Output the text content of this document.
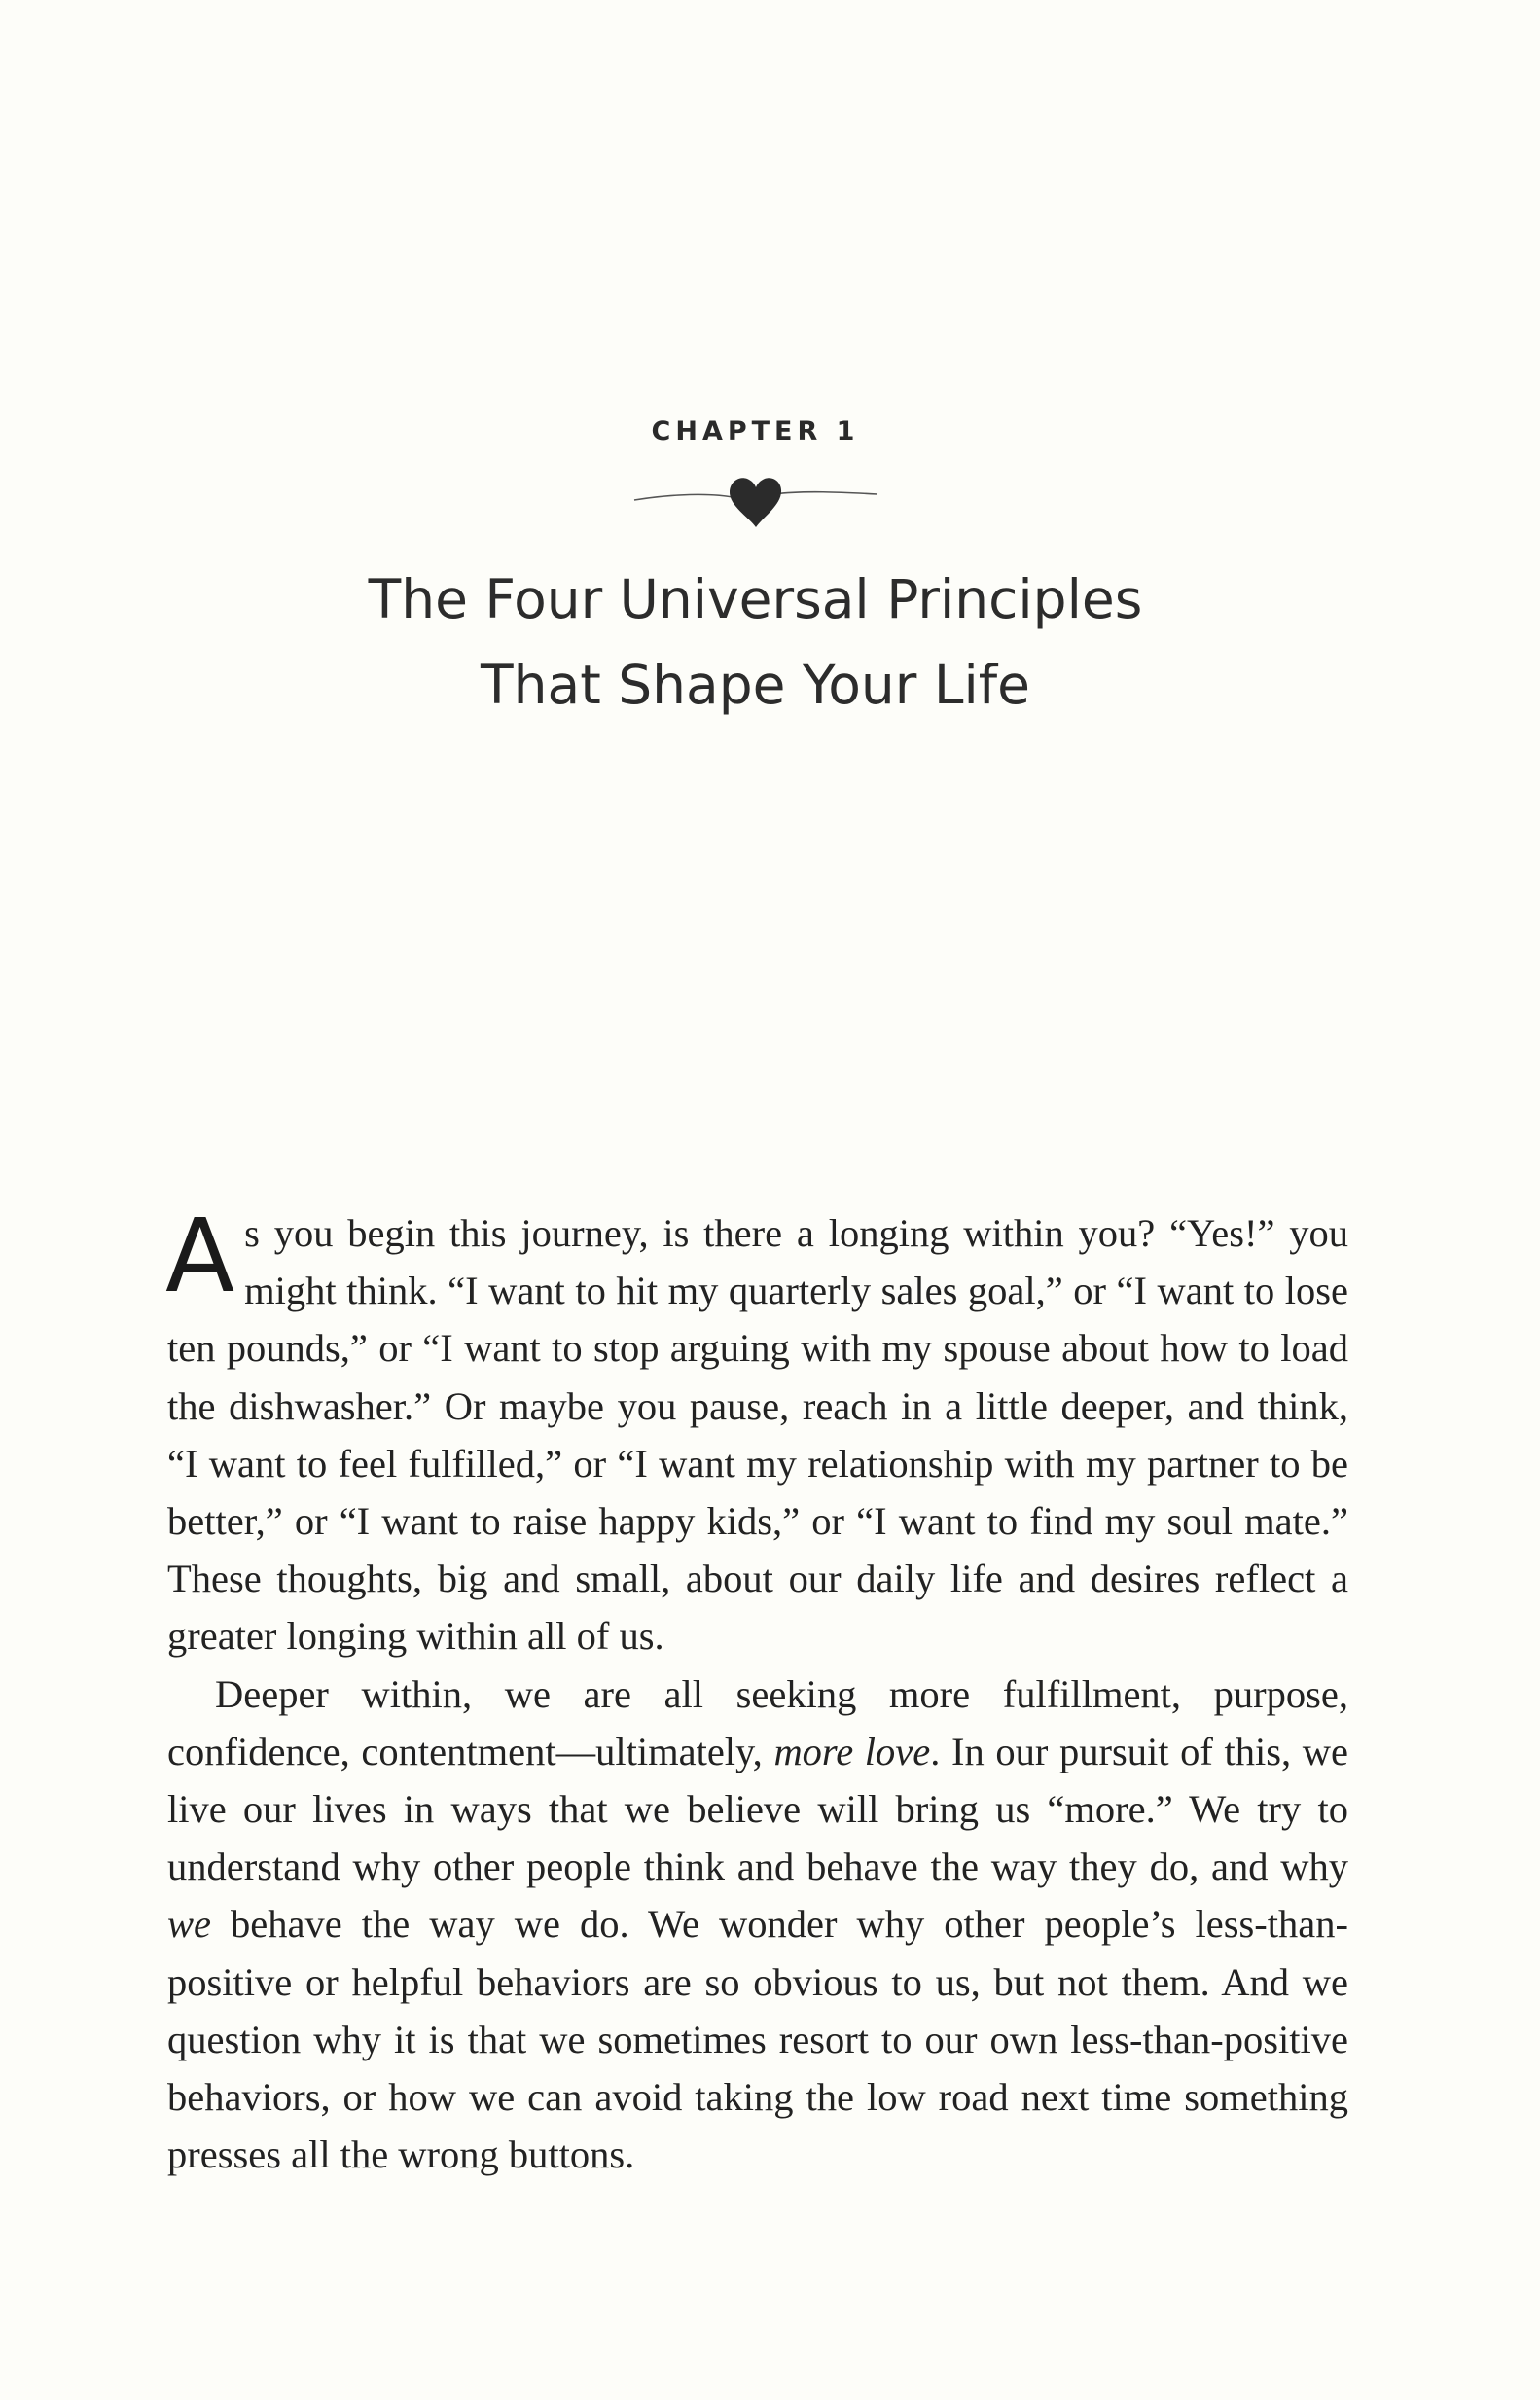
CHAPTER 1
The Four Universal Principles
That Shape Your Life

As you begin this journey, is there a longing within you? “Yes!” you might think. “I want to hit my quarterly sales goal,” or “I want to lose ten pounds,” or “I want to stop arguing with my spouse about how to load the dishwasher.” Or maybe you pause, reach in a little deeper, and think, “I want to feel fulfilled,” or “I want my relationship with my partner to be better,” or “I want to raise happy kids,” or “I want to find my soul mate.” These thoughts, big and small, about our daily life and desires reflect a greater longing within all of us.

Deeper within, we are all seeking more fulfillment, purpose, confidence, contentment—ultimately, more love. In our pursuit of this, we live our lives in ways that we believe will bring us “more.” We try to understand why other people think and behave the way they do, and why we behave the way we do. We wonder why other people’s less-than-positive or helpful behaviors are so obvious to us, but not them. And we question why it is that we sometimes resort to our own less-than-positive behaviors, or how we can avoid taking the low road next time something presses all the wrong buttons.
